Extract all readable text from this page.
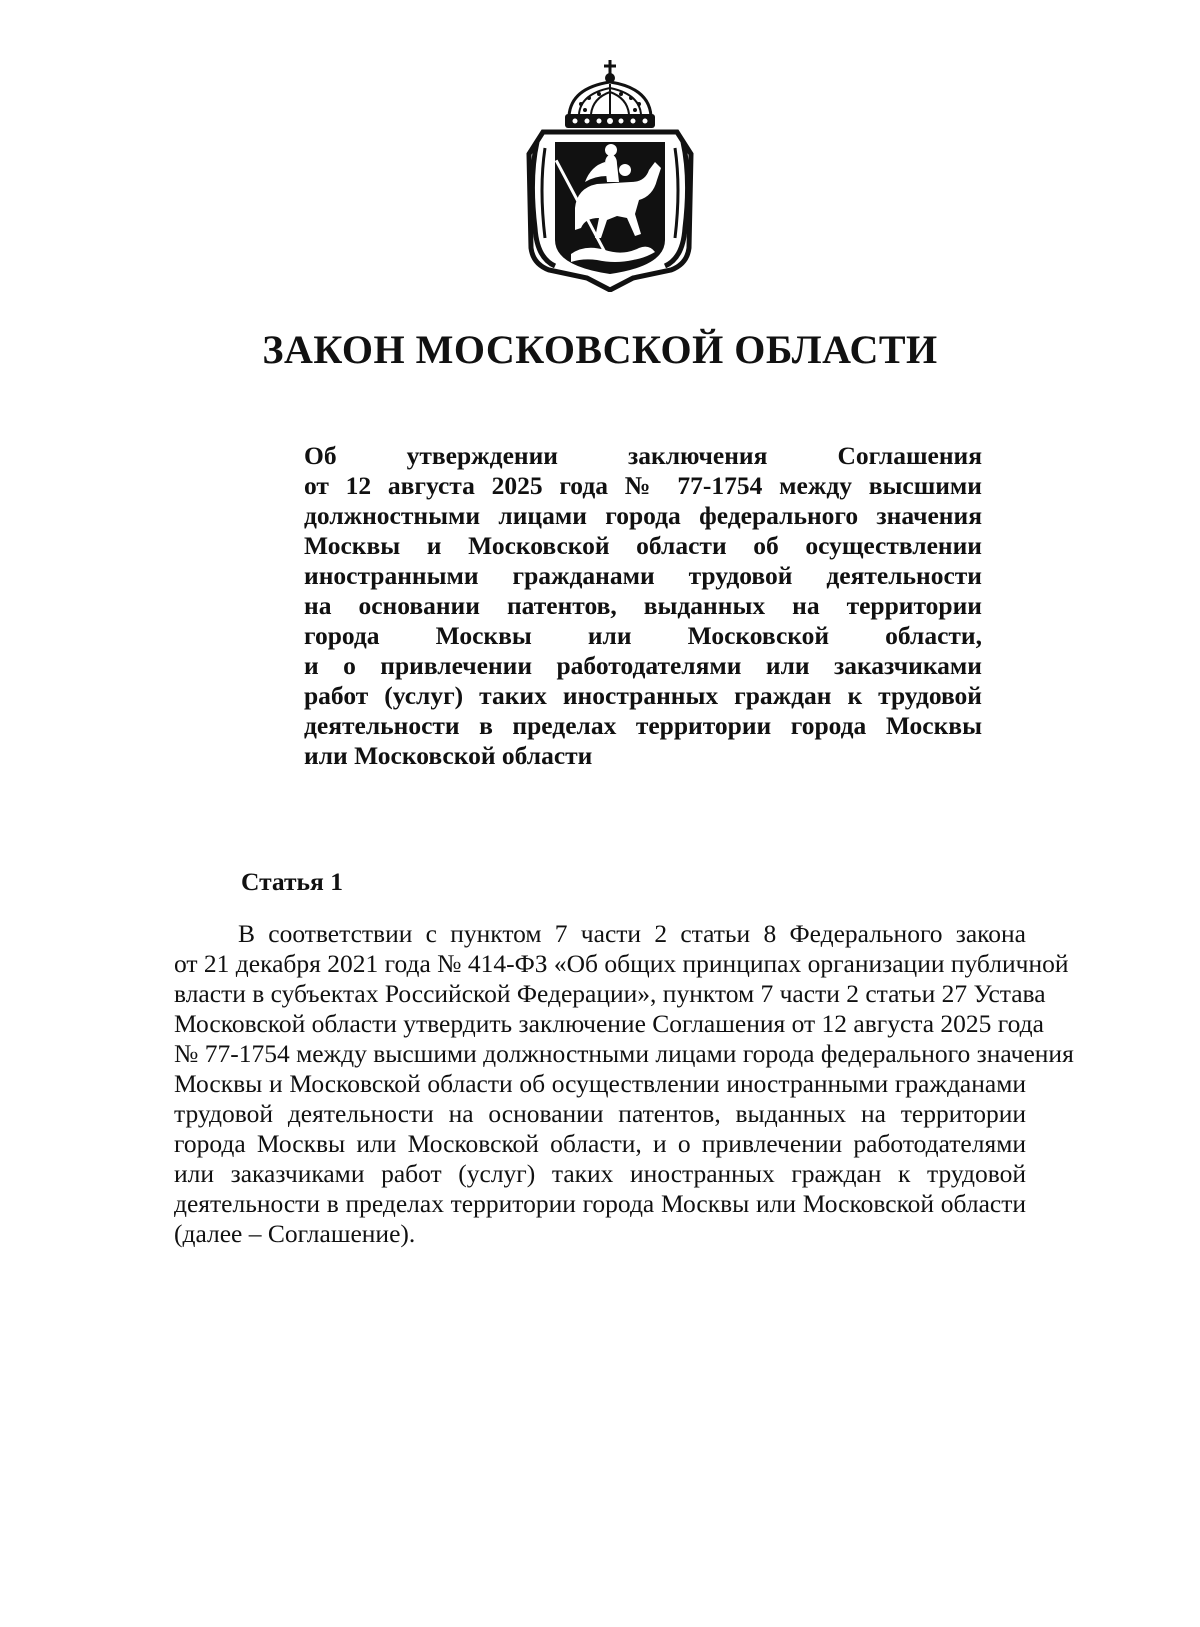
ЗАКОН МОСКОВСКОЙ ОБЛАСТИ
Об утверждении заключения Соглашения
от 12 августа 2025 года № 77-1754 между высшими
должностными лицами города федерального значения
Москвы и Московской области об осуществлении
иностранными гражданами трудовой деятельности
на основании патентов, выданных на территории
города Москвы или Московской области,
и о привлечении работодателями или заказчиками
работ (услуг) таких иностранных граждан к трудовой
деятельности в пределах территории города Москвы
или Московской области
Статья 1
В соответствии с пунктом 7 части 2 статьи 8 Федерального закона
от 21 декабря 2021 года № 414-ФЗ «Об общих принципах организации публичной
власти в субъектах Российской Федерации», пунктом 7 части 2 статьи 27 Устава
Московской области утвердить заключение Соглашения от 12 августа 2025 года
№ 77-1754 между высшими должностными лицами города федерального значения
Москвы и Московской области об осуществлении иностранными гражданами
трудовой деятельности на основании патентов, выданных на территории
города Москвы или Московской области, и о привлечении работодателями
или заказчиками работ (услуг) таких иностранных граждан к трудовой
деятельности в пределах территории города Москвы или Московской области
(далее – Соглашение).
